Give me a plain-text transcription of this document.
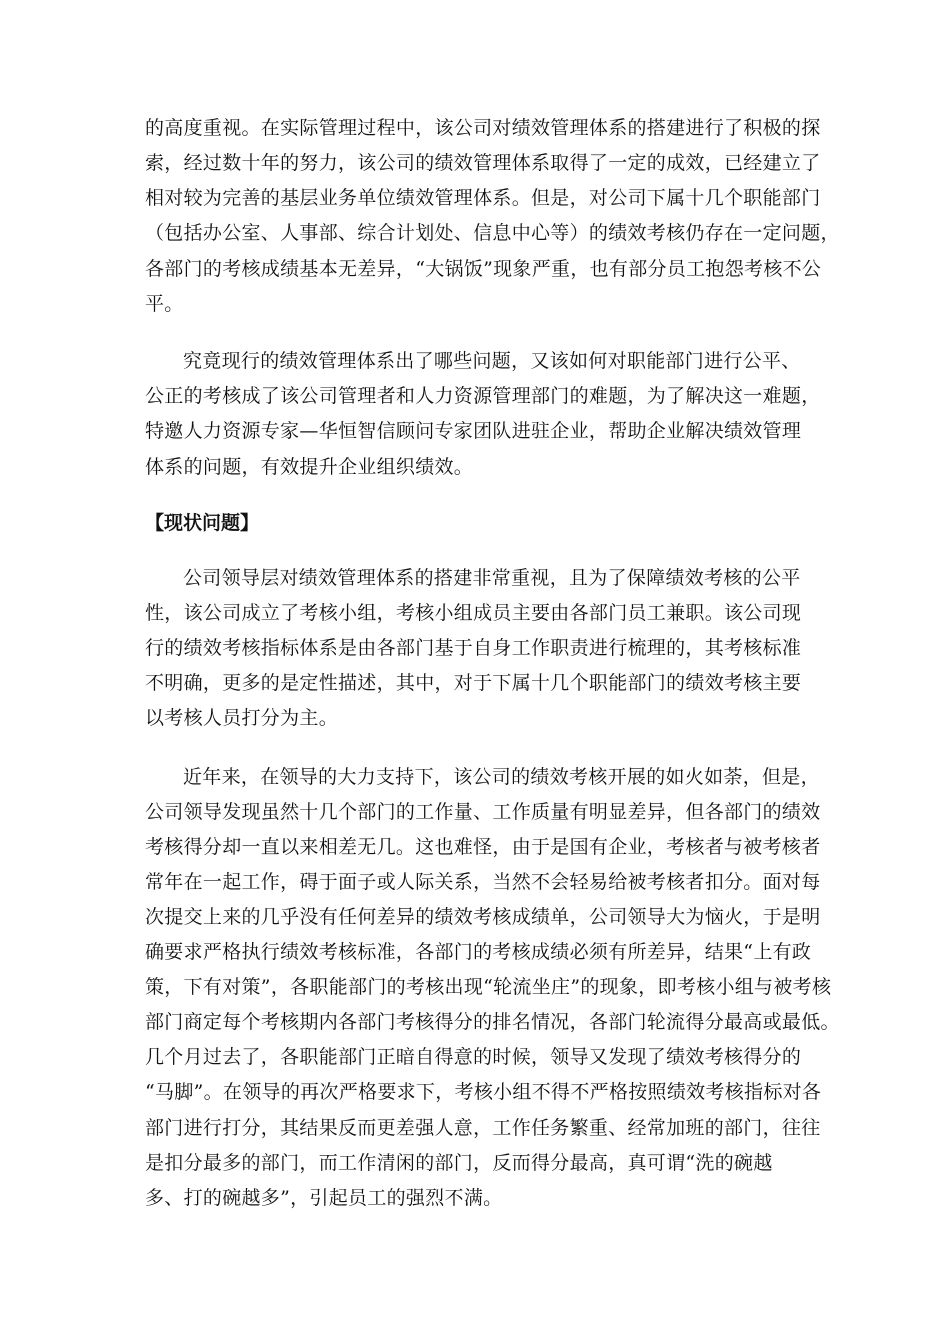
的高度重视。在实际管理过程中，该公司对绩效管理体系的搭建进行了积极的探
索，经过数十年的努力，该公司的绩效管理体系取得了一定的成效，已经建立了
相对较为完善的基层业务单位绩效管理体系。但是，对公司下属十几个职能部门
（包括办公室、人事部、综合计划处、信息中心等）的绩效考核仍存在一定问题，
各部门的考核成绩基本无差异，“大锅饭”现象严重，也有部分员工抱怨考核不公
平。
究竟现行的绩效管理体系出了哪些问题，又该如何对职能部门进行公平、
公正的考核成了该公司管理者和人力资源管理部门的难题，为了解决这一难题，
特邀人力资源专家—华恒智信顾问专家团队进驻企业，帮助企业解决绩效管理
体系的问题，有效提升企业组织绩效。
【现状问题】
公司领导层对绩效管理体系的搭建非常重视，且为了保障绩效考核的公平
性，该公司成立了考核小组，考核小组成员主要由各部门员工兼职。该公司现
行的绩效考核指标体系是由各部门基于自身工作职责进行梳理的，其考核标准
不明确，更多的是定性描述，其中，对于下属十几个职能部门的绩效考核主要
以考核人员打分为主。
近年来，在领导的大力支持下，该公司的绩效考核开展的如火如荼，但是，
公司领导发现虽然十几个部门的工作量、工作质量有明显差异，但各部门的绩效
考核得分却一直以来相差无几。这也难怪，由于是国有企业，考核者与被考核者
常年在一起工作，碍于面子或人际关系，当然不会轻易给被考核者扣分。面对每
次提交上来的几乎没有任何差异的绩效考核成绩单，公司领导大为恼火，于是明
确要求严格执行绩效考核标准，各部门的考核成绩必须有所差异，结果“上有政
策，下有对策”，各职能部门的考核出现“轮流坐庄”的现象，即考核小组与被考核
部门商定每个考核期内各部门考核得分的排名情况，各部门轮流得分最高或最低。
几个月过去了，各职能部门正暗自得意的时候，领导又发现了绩效考核得分的
“马脚”。在领导的再次严格要求下，考核小组不得不严格按照绩效考核指标对各
部门进行打分，其结果反而更差强人意，工作任务繁重、经常加班的部门，往往
是扣分最多的部门，而工作清闲的部门，反而得分最高，真可谓“洗的碗越
多、打的碗越多”，引起员工的强烈不满。
